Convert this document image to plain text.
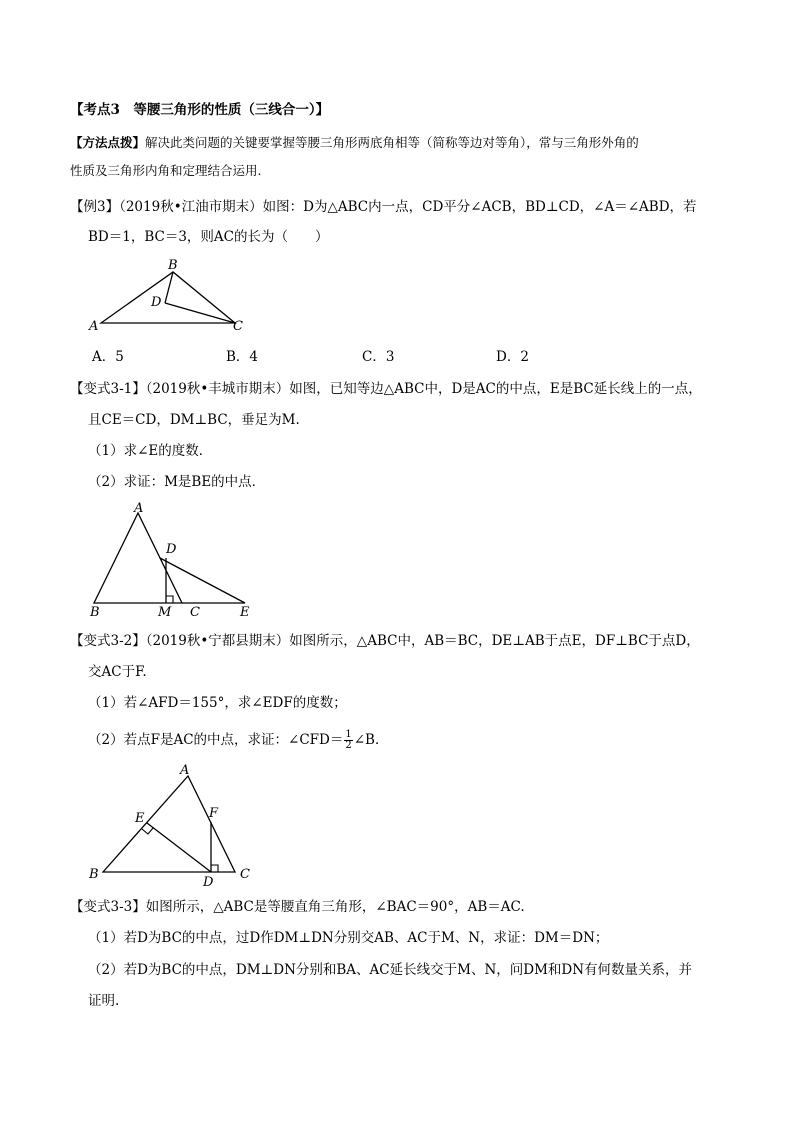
【考点3　等腰三角形的性质（三线合一）】
【方法点拨】解决此类问题的关键要掌握等腰三角形两底角相等（简称等边对等角），常与三角形外角的
性质及三角形内角和定理结合运用.
【例3】（2019秋•江油市期末）如图：D为△ABC内一点，CD平分∠ACB，BD⊥CD，∠A＝∠ABD，若
BD＝1，BC＝3，则AC的长为（　　）
B
D
A	C
A．5	B．4	C．3	D．2
【变式3-1】（2019秋•丰城市期末）如图，已知等边△ABC中，D是AC的中点，E是BC延长线上的一点，
且CE＝CD，DM⊥BC，垂足为M.
（1）求∠E的度数．
（2）求证：M是BE的中点．
A
D
B	M C	E
【变式3-2】（2019秋•宁都县期末）如图所示，△ABC中，AB＝BC，DE⊥AB于点E，DF⊥BC于点D，
交AC于F.
（1）若∠AFD＝155°，求∠EDF的度数；
（2）若点F是AC的中点，求证：∠CFD＝ $\frac{1}{2}$ ∠B．
A
E	F
B
D
C
【变式3-3】如图所示，△ABC是等腰直角三角形，∠BAC＝90°，AB＝AC.
（1）若D为BC的中点，过D作DM⊥DN分别交AB、AC于M、N，求证：DM＝DN；
（2）若D为BC的中点，DM⊥DN分别和BA、AC延长线交于M、N，问DM和DN有何数量关系，并
证明.
